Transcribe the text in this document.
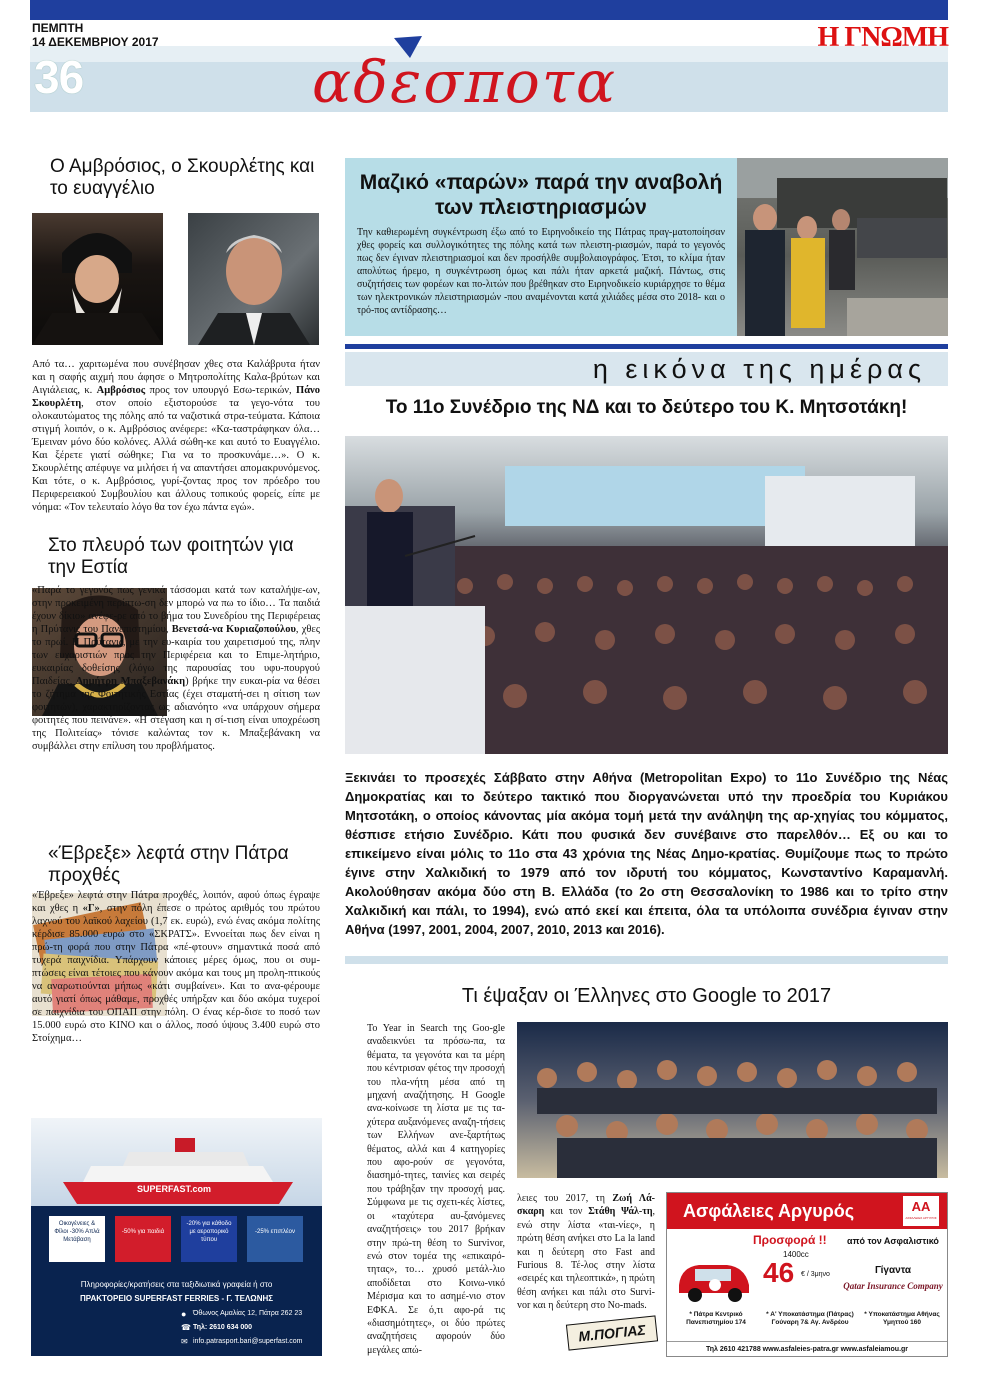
ΠΕΜΠΤΗ
14 ΔΕΚΕΜΒΡΙΟΥ 2017
36	αδεσποτα
Η ΓΝΩΜΗ
Ο Αμβρόσιος, ο Σκουρλέτης και το ευαγγέλιο
Από τα… χαριτωμένα που συνέβησαν χθες στα Καλάβρυτα ήταν και η σαφής αιχμή που άφησε ο Μητροπολίτης Καλα-βρύτων και Αιγιάλειας, κ. Αμβρόσιος προς τον υπουργό Εσω-τερικών, Πάνο Σκουρλέτη, στον οποίο εξιστορούσε τα γεγο-νότα του ολοκαυτώματος της πόλης από τα ναζιστικά στρα-τεύματα. Κάποια στιγμή λοιπόν, ο κ. Αμβρόσιος ανέφερε: «Κα-ταστράφηκαν όλα… Έμειναν μόνο δύο κολόνες. Αλλά σώθη-κε και αυτό το Ευαγγέλιο. Και ξέρετε γιατί σώθηκε; Για να το προσκυνάμε…». Ο κ. Σκουρλέτης απέφυγε να μιλήσει ή να απαντήσει απομακρυνόμενος. Και τότε, ο κ. Αμβρόσιος, γυρί-ζοντας προς τον πρόεδρο του Περιφερειακού Συμβουλίου και άλλους τοπικούς φορείς, είπε με νόημα: «Τον τελευταίο λόγο θα τον έχω πάντα εγώ».
Στο πλευρό των φοιτητών για την Εστία
«Παρά το γεγονός πως γενικά τάσσομαι κατά των καταλήψε-ων, στην προκειμένη περίπτω-ση δεν μπορώ να πω το ίδιο… Τα παιδιά έχουν δίκιο» ανέφε-ρε από το βήμα του Συνεδρίου της Περιφέρειας η Πρύτανις του Πανεπιστημίου, Βενετσά-να Κυριαζοπούλου, χθες το πρωί. Η Πρύτανις, με την ευ-καιρία του χαιρετισμού της, πλην των ευχαριστιών προς την Περιφέρεια και το Επιμε-λητήριο, ευκαιρίας δοθείσης (λόγω της παρουσίας του υφυ-πουργού Παιδείας, Δημήτρη Μπαξεβανάκη) βρήκε την ευκαι-ρία να θέσει το ζήτημα της Φοιτητικής Εστίας (έχει σταματή-σει η σίτιση των φοιτητών), χαρακτηρίζοντας ως αδιανόητο «να υπάρχουν σήμερα φοιτητές που πεινάνε». «Η στέγαση και η σί-τιση είναι υποχρέωση της Πολιτείας» τόνισε καλώντας τον κ. Μπαξεβάνακη να συμβάλλει στην επίλυση του προβλήματος.
«Έβρεξε» λεφτά στην Πάτρα προχθές
«Έβρεξε» λεφτά στην Πάτρα προχθές, λοιπόν, αφού όπως έγραψε και χθες η «Γ», στην πόλη έπεσε ο πρώτος αριθμός του πρώτου λαχνού του λαϊκού λαχείου (1,7 εκ. ευρώ), ενώ ένας ακόμα πολίτης κέρδισε 85.000 ευρώ στο «ΣΚΡΑΤΣ». Εννοείται πως δεν είναι η πρώ-τη φορά που στην Πάτρα «πέ-φτουν» σημαντικά ποσά από τυχερά παιχνίδια. Υπάρχουν κάποιες μέρες όμως, που οι συμ-πτώσεις είναι τέτοιες που κάνουν ακόμα και τους μη προλη-πτικούς να αναρωτιούνται μήπως «κάτι συμβαίνει». Και το ανα-φέρουμε αυτό γιατί όπως μάθαμε, προχθές υπήρξαν και δύο ακόμα τυχεροί σε παιχνίδια του ΟΠΑΠ στην πόλη. Ο ένας κέρ-δισε το ποσό των 15.000 ευρώ στο ΚΙΝΟ και ο άλλος, ποσό ύψους 3.400 ευρώ στο Στοίχημα…
SUPERFAST.com
Οικογένειες & Φίλοι -30% Απλά Μετάβαση
-50% για παιδιά
-20% για κάθοδο με αεροπορικό τύπου
-25% επιπλέον
Πληροφορίες/κρατήσεις στα ταξιδιωτικά γραφεία ή στο
ΠΡΑΚΤΟΡΕΙΟ SUPERFAST FERRIES - Γ. ΤΕΛΩΝΗΣ
● Όθωνος Αμαλίας 12, Πάτρα 262 23
☎ Τηλ: 2610 634 000
✉ info.patrasport.bari@superfast.com
Μαζικό «παρών» παρά την αναβολή των πλειστηριασμών

Την καθιερωμένη συγκέντρωση έξω από το Ειρηνοδικείο της Πάτρας πραγ-ματοποίησαν χθες φορείς και συλλογικότητες της πόλης κατά των πλειστη-ριασμών, παρά το γεγονός πως δεν έγιναν πλειστηριασμοί και δεν προσήλθε συμβολαιογράφος. Έτσι, το κλίμα ήταν απολύτως ήρεμο, η συγκέντρωση όμως και πάλι ήταν αρκετά μαζική. Πάντως, στις συζητήσεις των φορέων και πο-λιτών που βρέθηκαν στο Ειρηνοδικείο κυριάρχησε το θέμα των ηλεκτρονικών πλειστηριασμών -που αναμένονται κατά χιλιάδες μέσα στο 2018- και ο τρό-πος αντίδρασης…

η εικόνα της ημέρας
Το 11ο Συνέδριο της ΝΔ και το δεύτερο του Κ. Μητσοτάκη!
Ξεκινάει το προσεχές Σάββατο στην Αθήνα (Metropolitan Expo) το 11ο Συνέδριο της Νέας Δημοκρατίας και το δεύτερο τακτικό που διοργανώνεται υπό την προεδρία του Κυριάκου Μητσοτάκη, ο οποίος κάνοντας μία ακόμα τομή μετά την ανάληψη της αρ-χηγίας του κόμματος, θέσπισε ετήσιο Συνέδριο. Κάτι που φυσικά δεν συνέβαινε στο παρελθόν… Εξ ου και το επικείμενο είναι μόλις το 11ο στα 43 χρόνια της Νέας Δημο-κρατίας. Θυμίζουμε πως το πρώτο έγινε στην Χαλκιδική το 1979 από τον ιδρυτή του κόμματος, Κωνσταντίνο Καραμανλή. Ακολούθησαν ακόμα δύο στη Β. Ελλάδα (το 2ο στη Θεσσαλονίκη το 1986 και το τρίτο στην Χαλκιδική και πάλι, το 1994), ενώ από εκεί και έπειτα, όλα τα υπόλοιπα συνέδρια έγιναν στην Αθήνα (1997, 2001, 2004, 2007, 2010, 2013 και 2016).
Τι έψαξαν οι Έλληνες στο Google το 2017
To Year in Search της Goo-gle αναδεικνύει τα πρόσω-πα, τα θέματα, τα γεγονότα και τα μέρη που κέντρισαν φέτος την προσοχή του πλα-νήτη μέσα από τη μηχανή αναζήτησης. Η Google ανα-κοίνωσε τη λίστα με τις τα-χύτερα αυξανόμενες αναζη-τήσεις των Ελλήνων ανε-ξαρτήτως θέματος, αλλά και 4 κατηγορίες που αφο-ρούν σε γεγονότα, διασημό-τητες, ταινίες και σειρές που τράβηξαν την προσοχή μας. Σύμφωνα με τις σχετι-κές λίστες, οι «ταχύτερα αυ-ξανόμενες αναζητήσεις» του 2017 βρήκαν στην πρώ-τη θέση το Survivor, ενώ στον τομέα της «επικαιρό-τητας», το… χρυσό μετάλ-λιο αποδίδεται στο Κοινω-νικό Μέρισμα και το ασημέ-νιο στον ΕΦΚΑ. Σε ό,τι αφο-ρά τις «διασημότητες», οι δύο πρώτες αναζητήσεις αφορούν δύο μεγάλες απώ-
λειες του 2017, τη Ζωή Λά-σκαρη και τον Στάθη Ψάλ-τη, ενώ στην λίστα «ται-νίες», η πρώτη θέση ανήκει στο La la land και η δεύτερη στο Fast and Furious 8. Τέ-λος στην λίστα «σειρές και τηλεοπτικά», η πρώτη θέση ανήκει και πάλι στο Survi-vor και η δεύτερη στο No-mads.
Μ.ΠΟΓΙΑΣ
Ασφάλειες Αργυρός	ΑΑ
ΑΣΦΑΛΕΙΕΣ ΑΡΓΥΡΟΣ
Προσφορά !!
1400cc
46 € / 3μηνο
από τον Ασφαλιστικό
Γίγαντα
Qatar Insurance Company
* Πάτρα Κεντρικό Πανεπιστημίου 174
* Α' Υποκατάστημα (Πάτρας) Γούναρη 7& Αγ. Ανδρέου
* Υποκατάστημα Αθήνας Υμηττού 160
Τηλ 2610 421788 www.asfaleies-patra.gr www.asfaleiamou.gr
